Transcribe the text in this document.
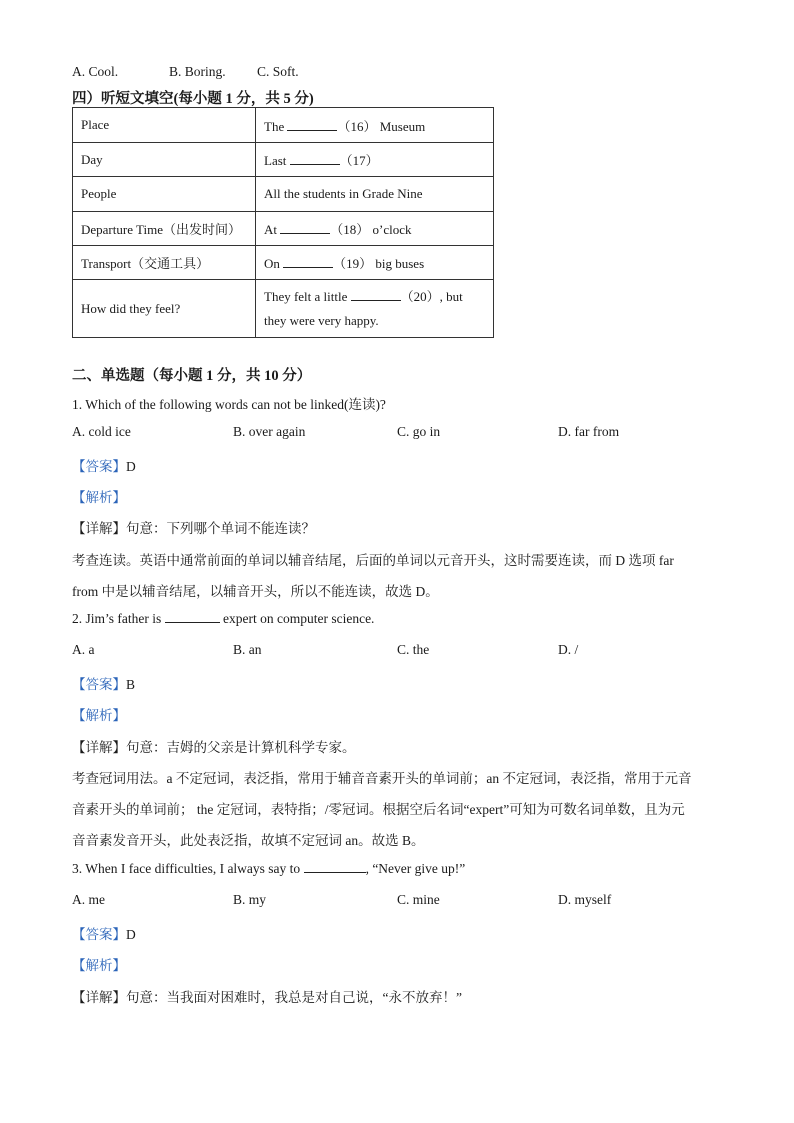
A. Cool.	B. Boring. C. Soft.
四）听短文填空(每小题 1 分，共 5 分)
Place	The （16） Museum
Day	Last （17）
People	All the students in Grade Nine
Departure Time（出发时间）	At （18） o’clock
Transport（交通工具）	On （19） big buses
How did they feel?	They felt a little （20）, but
they were very happy.
二、单选题（每小题 1 分，共 10 分）
1. Which of the following words can not be linked(连读)?
A. cold ice	B. over again	C. go in	D. far from
【答案】D
【解析】
【详解】句意：下列哪个单词不能连读？
考查连读。英语中通常前面的单词以辅音结尾，后面的单词以元音开头，这时需要连读，而 D 选项 far
from 中是以辅音结尾，以辅音开头，所以不能连读，故选 D。
2. Jim’s father is	expert on computer science.
A. a	B. an	C. the	D. /
【答案】B
【解析】
【详解】句意：吉姆的父亲是计算机科学专家。
考查冠词用法。a 不定冠词，表泛指，常用于辅音音素开头的单词前；an 不定冠词，表泛指，常用于元音
音素开头的单词前； the 定冠词，表特指；/零冠词。根据空后名词“expert”可知为可数名词单数，且为元
音音素发音开头，此处表泛指，故填不定冠词 an。故选 B。
3. When I face difficulties, I always say to	, “Never give up!”
A. me	B. my	C. mine	D. myself
【答案】D
【解析】
【详解】句意：当我面对困难时，我总是对自己说，“永不放弃！”
